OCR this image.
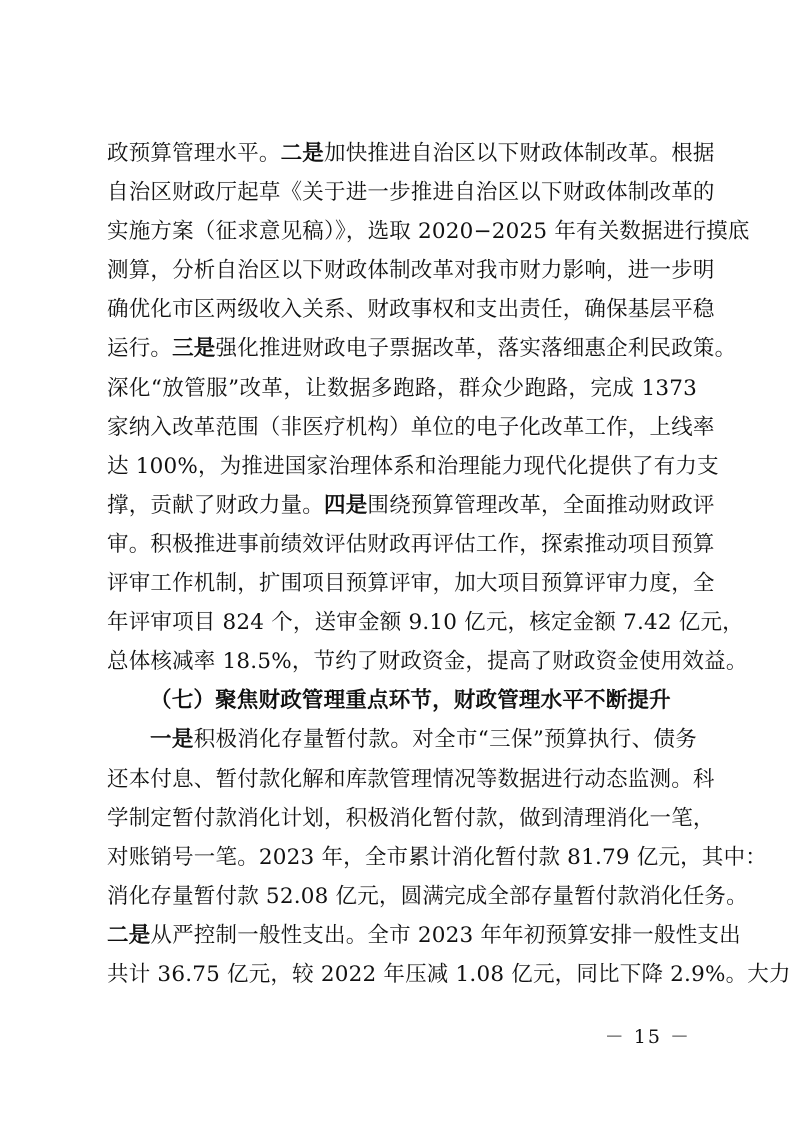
政预算管理水平。二是加快推进自治区以下财政体制改革。根据
自治区财政厅起草《关于进一步推进自治区以下财政体制改革的
实施方案（征求意见稿）》，选取 2020−2025 年有关数据进行摸底
测算，分析自治区以下财政体制改革对我市财力影响，进一步明
确优化市区两级收入关系、财政事权和支出责任，确保基层平稳
运行。三是强化推进财政电子票据改革，落实落细惠企利民政策。
深化“放管服”改革，让数据多跑路，群众少跑路，完成 1373
家纳入改革范围（非医疗机构）单位的电子化改革工作，上线率
达 100%，为推进国家治理体系和治理能力现代化提供了有力支
撑，贡献了财政力量。四是围绕预算管理改革，全面推动财政评
审。积极推进事前绩效评估财政再评估工作，探索推动项目预算
评审工作机制，扩围项目预算评审，加大项目预算评审力度，全
年评审项目 824 个，送审金额 9.10 亿元，核定金额 7.42 亿元，
总体核减率 18.5%，节约了财政资金，提高了财政资金使用效益。
（七）聚焦财政管理重点环节，财政管理水平不断提升
一是积极消化存量暂付款。对全市“三保”预算执行、债务
还本付息、暂付款化解和库款管理情况等数据进行动态监测。科
学制定暂付款消化计划，积极消化暂付款，做到清理消化一笔，
对账销号一笔。2023 年，全市累计消化暂付款 81.79 亿元，其中：
消化存量暂付款 52.08 亿元，圆满完成全部存量暂付款消化任务。
二是从严控制一般性支出。全市 2023 年年初预算安排一般性支出
共计 36.75 亿元，较 2022 年压减 1.08 亿元，同比下降 2.9%。大力
－ 15 －
